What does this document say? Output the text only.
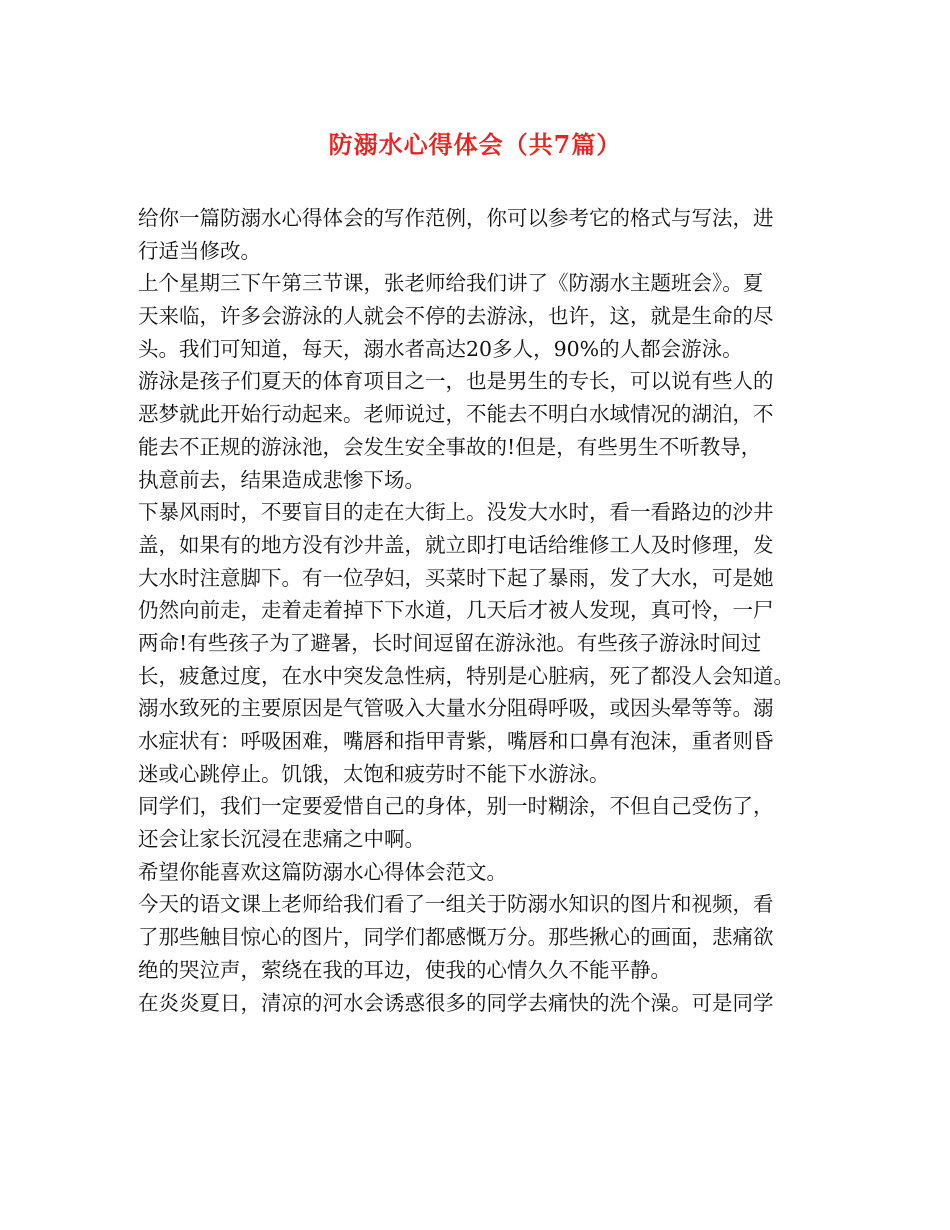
防溺水心得体会（共7篇）
给你一篇防溺水心得体会的写作范例，你可以参考它的格式与写法，进
行适当修改。
上个星期三下午第三节课，张老师给我们讲了《防溺水主题班会》。夏
天来临，许多会游泳的人就会不停的去游泳，也许，这，就是生命的尽
头。我们可知道，每天，溺水者高达20多人，90%的人都会游泳。
游泳是孩子们夏天的体育项目之一，也是男生的专长，可以说有些人的
恶梦就此开始行动起来。老师说过，不能去不明白水域情况的湖泊，不
能去不正规的游泳池，会发生安全事故的!但是，有些男生不听教导，
执意前去，结果造成悲惨下场。
下暴风雨时，不要盲目的走在大街上。没发大水时，看一看路边的沙井
盖，如果有的地方没有沙井盖，就立即打电话给维修工人及时修理，发
大水时注意脚下。有一位孕妇，买菜时下起了暴雨，发了大水，可是她
仍然向前走，走着走着掉下下水道，几天后才被人发现，真可怜，一尸
两命!有些孩子为了避暑，长时间逗留在游泳池。有些孩子游泳时间过
长，疲惫过度，在水中突发急性病，特别是心脏病，死了都没人会知道。
溺水致死的主要原因是气管吸入大量水分阻碍呼吸，或因头晕等等。溺
水症状有：呼吸困难，嘴唇和指甲青紫，嘴唇和口鼻有泡沫，重者则昏
迷或心跳停止。饥饿，太饱和疲劳时不能下水游泳。
同学们，我们一定要爱惜自己的身体，别一时糊涂，不但自己受伤了，
还会让家长沉浸在悲痛之中啊。
希望你能喜欢这篇防溺水心得体会范文。
今天的语文课上老师给我们看了一组关于防溺水知识的图片和视频，看
了那些触目惊心的图片，同学们都感慨万分。那些揪心的画面，悲痛欲
绝的哭泣声，萦绕在我的耳边，使我的心情久久不能平静。
在炎炎夏日，清凉的河水会诱惑很多的同学去痛快的洗个澡。可是同学
